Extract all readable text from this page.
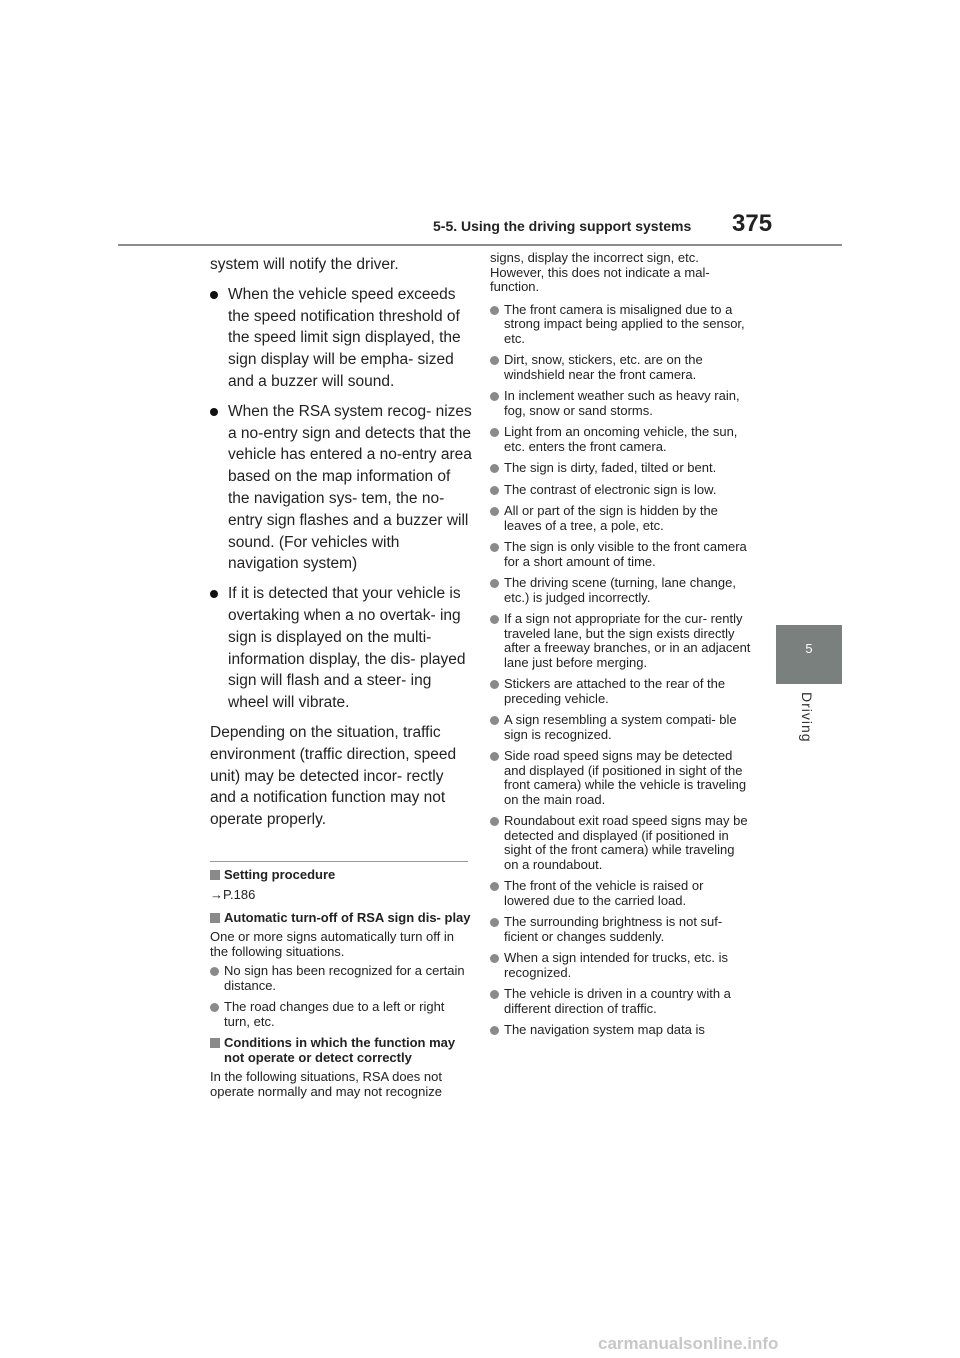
5-5. Using the driving support systems 375
5
Driving

system will notify the driver.

When the vehicle speed exceeds the speed notification threshold of the speed limit sign displayed, the sign display will be empha- sized and a buzzer will sound.
When the RSA system recog- nizes a no-entry sign and detects that the vehicle has entered a no-entry area based on the map information of the navigation sys- tem, the no-entry sign flashes and a buzzer will sound. (For vehicles with navigation system)
If it is detected that your vehicle is overtaking when a no overtak- ing sign is displayed on the multi- information display, the dis- played sign will flash and a steer- ing wheel will vibrate.

Depending on the situation, traffic environment (traffic direction, speed unit) may be detected incor- rectly and a notification function may not operate properly.

Setting procedure

→P.186

Automatic turn-off of RSA sign dis- play

One or more signs automatically turn off in the following situations.

No sign has been recognized for a certain distance.
The road changes due to a left or right turn, etc.
Conditions in which the function may not operate or detect correctly

In the following situations, RSA does not operate normally and may not recognize

signs, display the incorrect sign, etc. However, this does not indicate a mal- function.

The front camera is misaligned due to a strong impact being applied to the sensor, etc.
Dirt, snow, stickers, etc. are on the windshield near the front camera.
In inclement weather such as heavy rain, fog, snow or sand storms.
Light from an oncoming vehicle, the sun, etc. enters the front camera.
The sign is dirty, faded, tilted or bent.
The contrast of electronic sign is low.
All or part of the sign is hidden by the leaves of a tree, a pole, etc.
The sign is only visible to the front camera for a short amount of time.
The driving scene (turning, lane change, etc.) is judged incorrectly.
If a sign not appropriate for the cur- rently traveled lane, but the sign exists directly after a freeway branches, or in an adjacent lane just before merging.
Stickers are attached to the rear of the preceding vehicle.
A sign resembling a system compati- ble sign is recognized.
Side road speed signs may be detected and displayed (if positioned in sight of the front camera) while the vehicle is traveling on the main road.
Roundabout exit road speed signs may be detected and displayed (if positioned in sight of the front camera) while traveling on a roundabout.
The front of the vehicle is raised or lowered due to the carried load.
The surrounding brightness is not suf- ficient or changes suddenly.
When a sign intended for trucks, etc. is recognized.
The vehicle is driven in a country with a different direction of traffic.
The navigation system map data is
carmanualsonline.info
